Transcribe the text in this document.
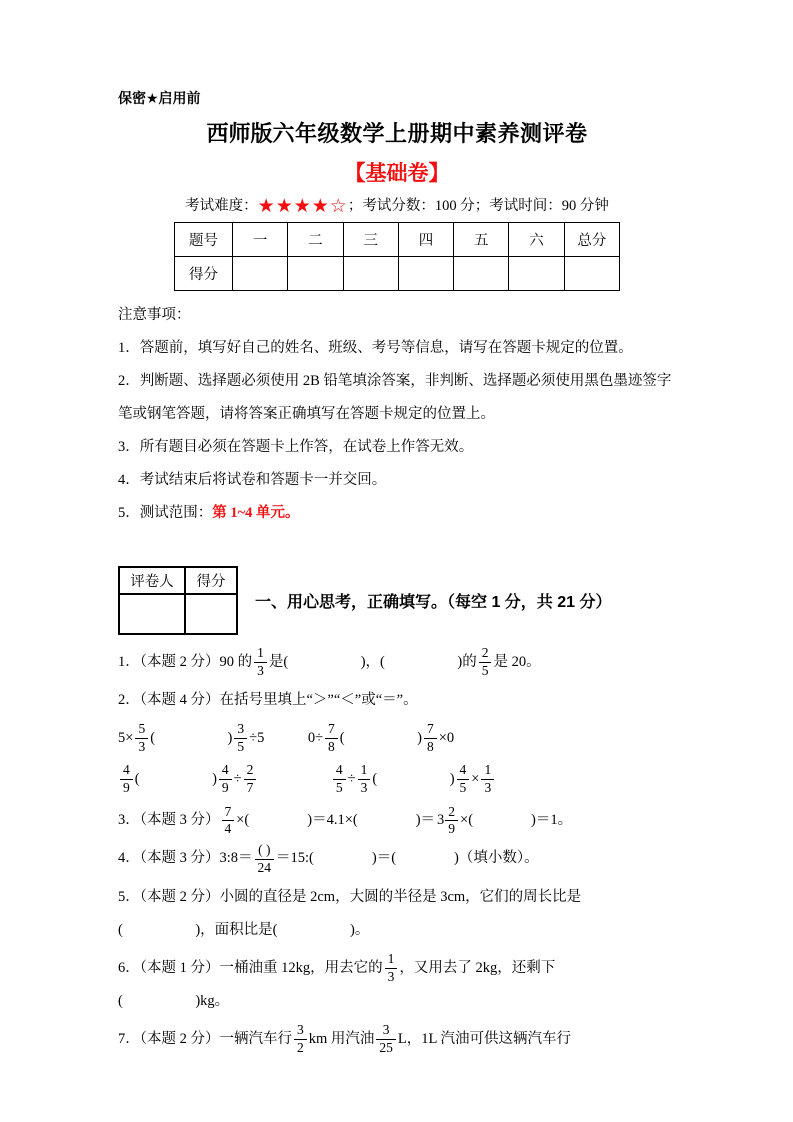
保密★启用前
西师版六年级数学上册期中素养测评卷
【基础卷】
考试难度：★★★★☆；考试分数：100 分；考试时间：90 分钟
题号	一	二	三	四	五	六	总分
得分							

注意事项：

1．答题前，填写好自己的姓名、班级、考号等信息，请写在答题卡规定的位置。

2．判断题、选择题必须使用 2B 铅笔填涂答案，非判断、选择题必须使用黑色墨迹签字笔或钢笔答题，请将答案正确填写在答题卡规定的位置上。

3．所有题目必须在答题卡上作答，在试卷上作答无效。

4．考试结束后将试卷和答题卡一并交回。

5．测试范围：第 1~4 单元。

评卷人	得分

一、用心思考，正确填写。（每空 1 分，共 21 分）

1．（本题 2 分）90 的 $\frac{1}{3}$ 是(　　　　　)，(　　　　　)的 $\frac{2}{5}$ 是 20。

2．（本题 4 分）在括号里填上“＞”“＜”或“＝”。

$5\times \frac{5}{3}$ (　　　　　) $\frac{3}{5} \div 5$　　　$0\div \frac{7}{8}$ (　　　　　) $\frac{7}{8} \times 0$

$\frac{4}{9}$ (　　　　　) $\frac{4}{9} \div \frac{2}{7}$
　　　　　	$\frac{4}{5} \div \frac{1}{3}$ (　　　　　) $\frac{4}{5} \times \frac{1}{3}$

3．（本题 3 分） $\frac{7}{4}$ ×(　　　　)＝4.1×(　　　　)＝ $3 \frac{2}{9}$ ×(　　　　)＝1。

4．（本题 3 分）3:8＝ $\frac{( )}{24}$ ＝15:(　　　　)＝(　　　　)（填小数）。

5．（本题 2 分）小圆的直径是 2cm，大圆的半径是 3cm，它们的周长比是
(　　　　　)，面积比是(　　　　　)。

6．（本题 1 分）一桶油重 12kg，用去它的 $\frac{1}{3}$ ，又用去了 2kg，还剩下
(　　　　　)kg。

7．（本题 2 分）一辆汽车行 $\frac{3}{2}$ km 用汽油 $\frac{3}{25}$ L，1L 汽油可供这辆汽车行
